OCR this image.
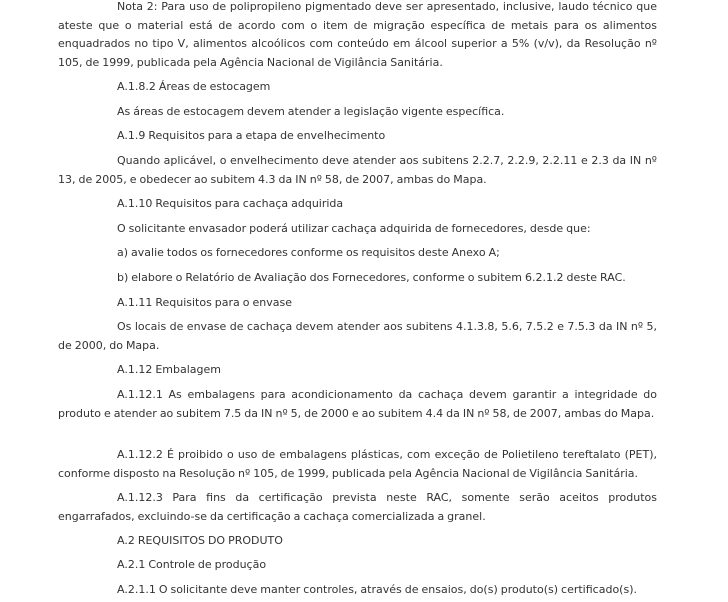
Nota 2: Para uso de polipropileno pigmentado deve ser apresentado, inclusive, laudo técnico que ateste que o material está de acordo com o item de migração específica de metais para os alimentos enquadrados no tipo V, alimentos alcoólicos com conteúdo em álcool superior a 5% (v/v), da Resolução nº 105, de 1999, publicada pela Agência Nacional de Vigilância Sanitária.

A.1.8.2 Áreas de estocagem

As áreas de estocagem devem atender a legislação vigente específica.

A.1.9 Requisitos para a etapa de envelhecimento

Quando aplicável, o envelhecimento deve atender aos subitens 2.2.7, 2.2.9, 2.2.11 e 2.3 da IN nº 13, de 2005, e obedecer ao subitem 4.3 da IN nº 58, de 2007, ambas do Mapa.

A.1.10 Requisitos para cachaça adquirida

O solicitante envasador poderá utilizar cachaça adquirida de fornecedores, desde que:

a) avalie todos os fornecedores conforme os requisitos deste Anexo A;

b) elabore o Relatório de Avaliação dos Fornecedores, conforme o subitem 6.2.1.2 deste RAC.

A.1.11 Requisitos para o envase

Os locais de envase de cachaça devem atender aos subitens 4.1.3.8, 5.6, 7.5.2 e 7.5.3 da IN nº 5, de 2000, do Mapa.

A.1.12 Embalagem

A.1.12.1 As embalagens para acondicionamento da cachaça devem garantir a integridade do produto e atender ao subitem 7.5 da IN nº 5, de 2000 e ao subitem 4.4 da IN nº 58, de 2007, ambas do Mapa.

A.1.12.2 É proibido o uso de embalagens plásticas, com exceção de Polietileno tereftalato (PET), conforme disposto na Resolução nº 105, de 1999, publicada pela Agência Nacional de Vigilância Sanitária.

A.1.12.3 Para fins da certificação prevista neste RAC, somente serão aceitos produtos engarrafados, excluindo-se da certificação a cachaça comercializada a granel.

A.2 REQUISITOS DO PRODUTO

A.2.1 Controle de produção

A.2.1.1 O solicitante deve manter controles, através de ensaios, do(s) produto(s) certificado(s).
